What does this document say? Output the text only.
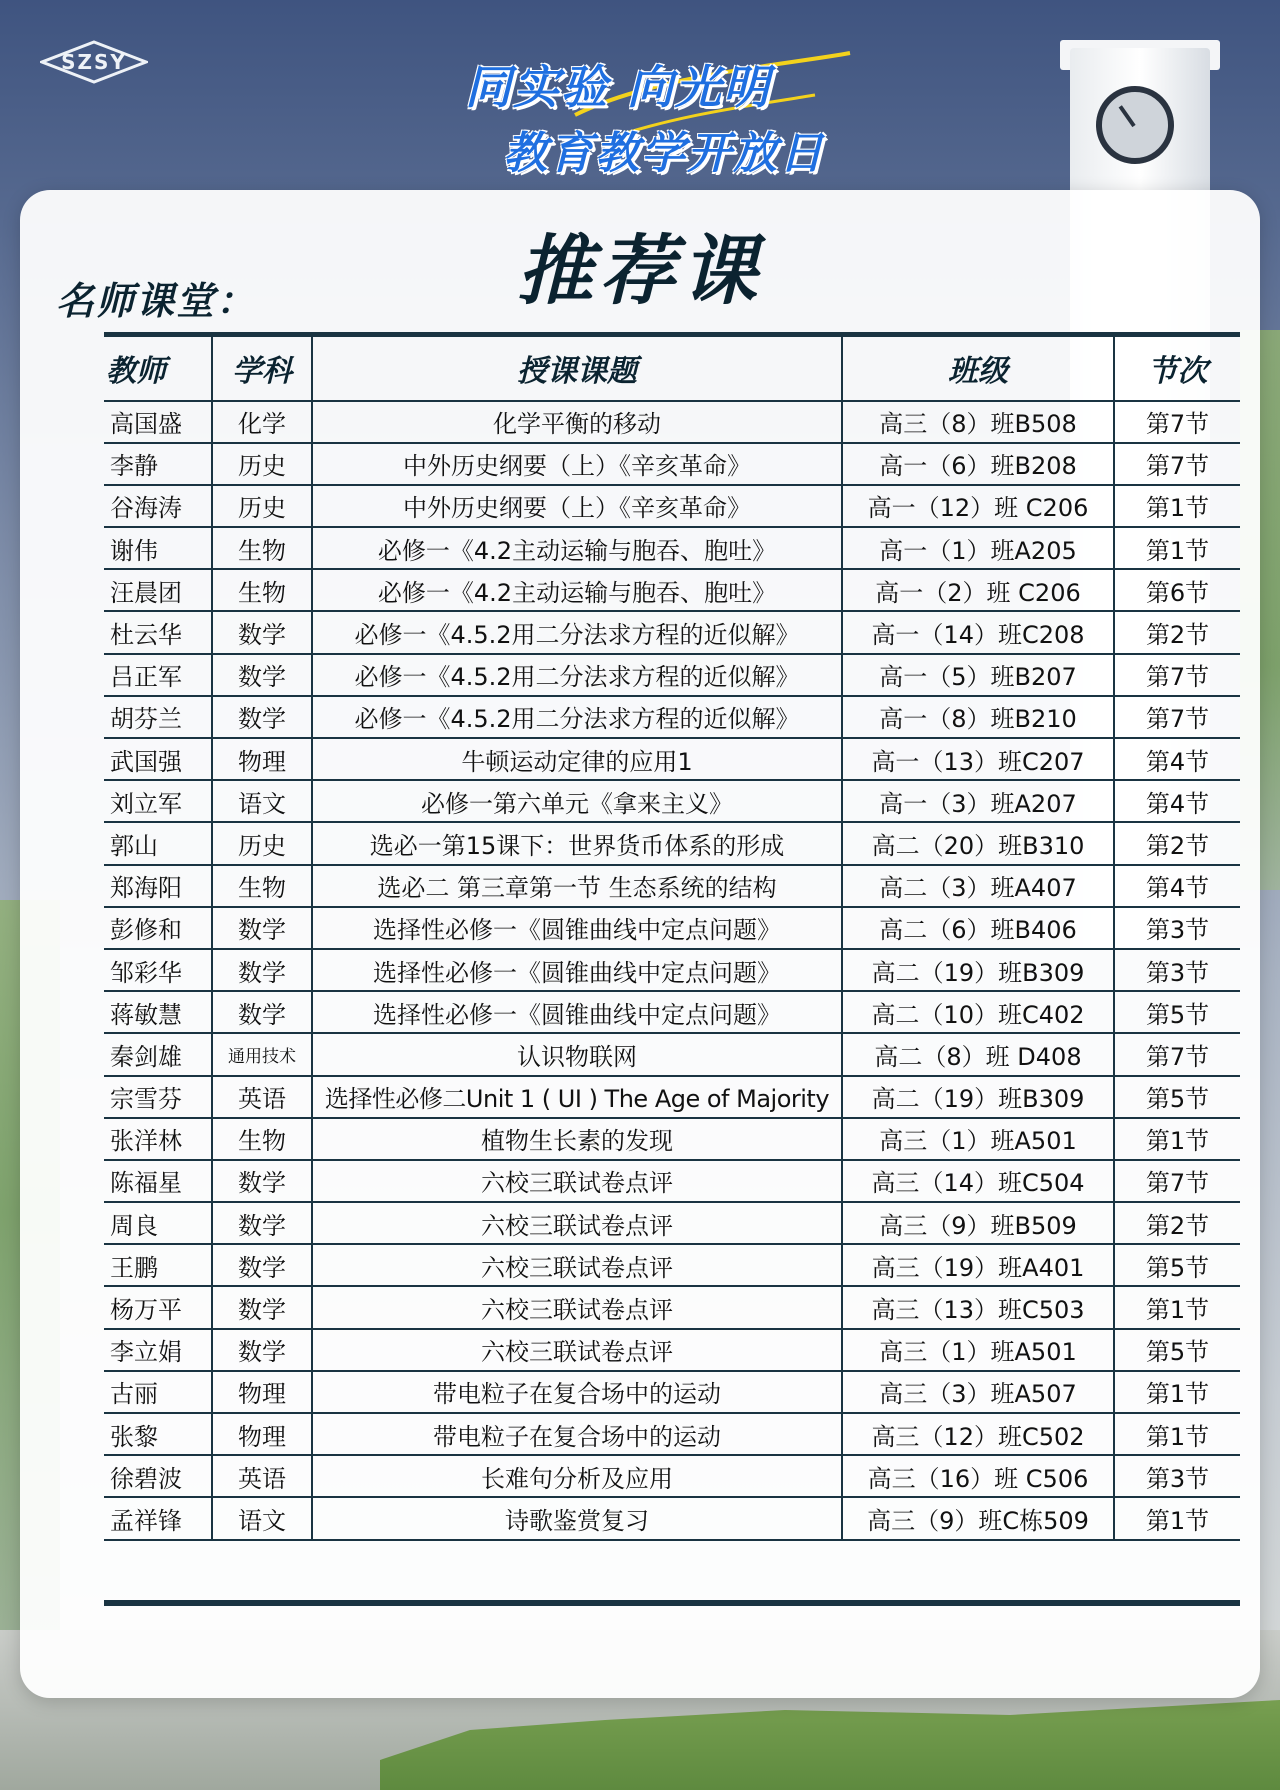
SZSY	同实验 向光明
教育教学开放日
推荐课
名师课堂：
教师	学科	授课课题	班级	节次
高国盛	化学	化学平衡的移动	高三（8）班B508	第7节
李静	历史	中外历史纲要（上）《辛亥革命》	高一（6）班B208	第7节
谷海涛	历史	中外历史纲要（上）《辛亥革命》	高一（12）班 C206	第1节
谢伟	生物	必修一《4.2主动运输与胞吞、胞吐》	高一（1）班A205	第1节
汪晨团	生物	必修一《4.2主动运输与胞吞、胞吐》	高一（2）班 C206	第6节
杜云华	数学	必修一《4.5.2用二分法求方程的近似解》	高一（14）班C208	第2节
吕正军	数学	必修一《4.5.2用二分法求方程的近似解》	高一（5）班B207	第7节
胡芬兰	数学	必修一《4.5.2用二分法求方程的近似解》	高一（8）班B210	第7节
武国强	物理	牛顿运动定律的应用1	高一（13）班C207	第4节
刘立军	语文	必修一第六单元《拿来主义》	高一（3）班A207	第4节
郭山	历史	选必一第15课下：世界货币体系的形成	高二（20）班B310	第2节
郑海阳	生物	选必二 第三章第一节 生态系统的结构	高二（3）班A407	第4节
彭修和	数学	选择性必修一《圆锥曲线中定点问题》	高二（6）班B406	第3节
邹彩华	数学	选择性必修一《圆锥曲线中定点问题》	高二（19）班B309	第3节
蒋敏慧	数学	选择性必修一《圆锥曲线中定点问题》	高二（10）班C402	第5节
秦剑雄	通用技术	认识物联网	高二（8）班 D408	第7节
宗雪芬	英语	选择性必修二Unit 1 ( UI ) The Age of Majority	高二（19）班B309	第5节
张洋林	生物	植物生长素的发现	高三（1）班A501	第1节
陈福星	数学	六校三联试卷点评	高三（14）班C504	第7节
周良	数学	六校三联试卷点评	高三（9）班B509	第2节
王鹏	数学	六校三联试卷点评	高三（19）班A401	第5节
杨万平	数学	六校三联试卷点评	高三（13）班C503	第1节
李立娟	数学	六校三联试卷点评	高三（1）班A501	第5节
古丽	物理	带电粒子在复合场中的运动	高三（3）班A507	第1节
张黎	物理	带电粒子在复合场中的运动	高三（12）班C502	第1节
徐碧波	英语	长难句分析及应用	高三（16）班 C506	第3节
孟祥锋	语文	诗歌鉴赏复习	高三（9）班C栋509	第1节
